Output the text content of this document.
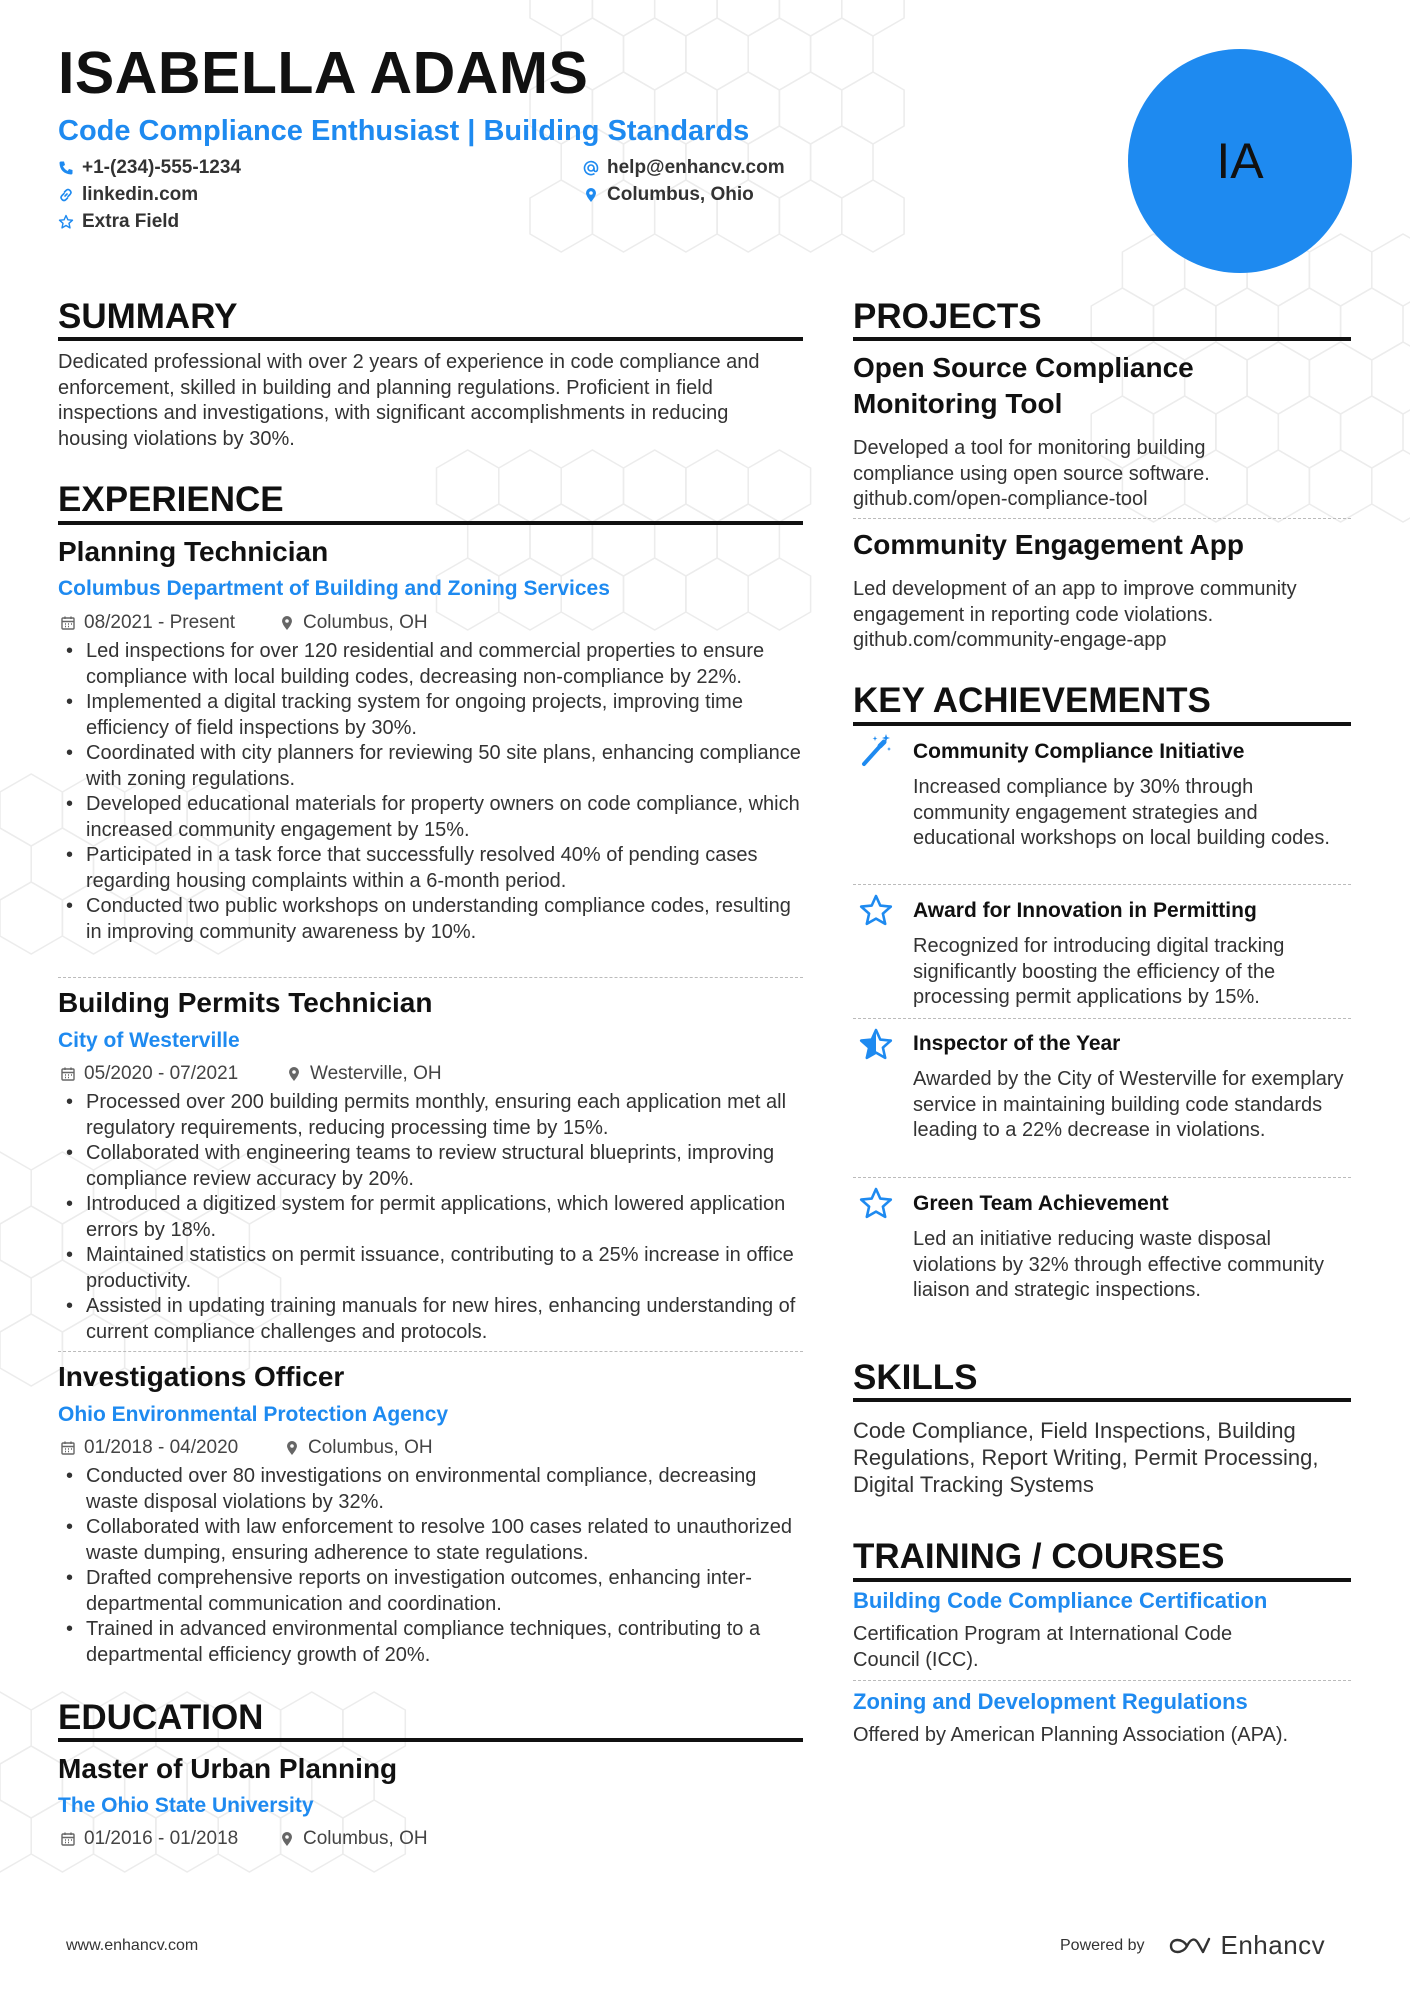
ISABELLA ADAMS
Code Compliance Enthusiast | Building Standards
+1-(234)-555-1234	help@enhancv.com
linkedin.com	Columbus, Ohio
Extra Field
IA
SUMMARY

Dedicated professional with over 2 years of experience in code compliance and enforcement, skilled in building and planning regulations. Proficient in field inspections and investigations, with significant accomplishments in reducing housing violations by 30%.

EXPERIENCE
Planning Technician
Columbus Department of Building and Zoning Services
08/2021 - Present	Columbus, OH
• Led inspections for over 120 residential and commercial properties to ensure compliance with local building codes, decreasing non-compliance by 22%.
• Implemented a digital tracking system for ongoing projects, improving time efficiency of field inspections by 30%.
• Coordinated with city planners for reviewing 50 site plans, enhancing compliance with zoning regulations.
• Developed educational materials for property owners on code compliance, which increased community engagement by 15%.
• Participated in a task force that successfully resolved 40% of pending cases regarding housing complaints within a 6-month period.
• Conducted two public workshops on understanding compliance codes, resulting in improving community awareness by 10%.
Building Permits Technician
City of Westerville
05/2020 - 07/2021	Westerville, OH
• Processed over 200 building permits monthly, ensuring each application met all regulatory requirements, reducing processing time by 15%.
• Collaborated with engineering teams to review structural blueprints, improving compliance review accuracy by 20%.
• Introduced a digitized system for permit applications, which lowered application errors by 18%.
• Maintained statistics on permit issuance, contributing to a 25% increase in office productivity.
• Assisted in updating training manuals for new hires, enhancing understanding of current compliance challenges and protocols.
Investigations Officer
Ohio Environmental Protection Agency
01/2018 - 04/2020	Columbus, OH
• Conducted over 80 investigations on environmental compliance, decreasing waste disposal violations by 32%.
• Collaborated with law enforcement to resolve 100 cases related to unauthorized waste dumping, ensuring adherence to state regulations.
• Drafted comprehensive reports on investigation outcomes, enhancing inter-departmental communication and coordination.
• Trained in advanced environmental compliance techniques, contributing to a departmental efficiency growth of 20%.
EDUCATION
Master of Urban Planning
The Ohio State University
01/2016 - 01/2018	Columbus, OH
PROJECTS
Open Source Compliance Monitoring Tool

Developed a tool for monitoring building compliance using open source software. github.com/open-compliance-tool

Community Engagement App

Led development of an app to improve community engagement in reporting code violations. github.com/community-engage-app

KEY ACHIEVEMENTS
Community Compliance Initiative

Increased compliance by 30% through community engagement strategies and educational workshops on local building codes.

Award for Innovation in Permitting

Recognized for introducing digital tracking significantly boosting the efficiency of the processing permit applications by 15%.

Inspector of the Year

Awarded by the City of Westerville for exemplary service in maintaining building code standards leading to a 22% decrease in violations.

Green Team Achievement

Led an initiative reducing waste disposal violations by 32% through effective community liaison and strategic inspections.

SKILLS

Code Compliance, Field Inspections, Building Regulations, Report Writing, Permit Processing, Digital Tracking Systems

TRAINING / COURSES
Building Code Compliance Certification

Certification Program at International Code Council (ICC).

Zoning and Development Regulations

Offered by American Planning Association (APA).

www.enhancv.com	Powered by	Enhancv
